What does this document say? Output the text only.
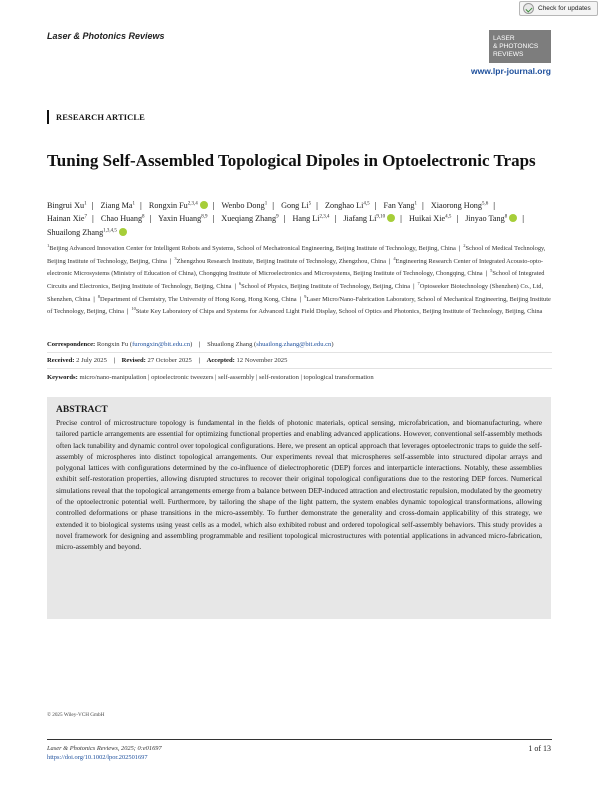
Check for updates
Laser & Photonics Reviews	LASER
& PHOTONICS
REVIEWS
www.lpr-journal.org
RESEARCH ARTICLE
Tuning Self-Assembled Topological Dipoles in Optoelectronic Traps
Bingrui Xu$^1$ | Ziang Ma$^1$ | Rongxin Fu$^{2,3,4}$ | Wenbo Dong$^1$ | Gong Li$^5$ | Zonghao Li$^{4,5}$ | Fan Yang$^1$ | Xiaorong Hong$^{5,6}$ | Hainan Xie$^7$ | Chao Huang$^8$ | Yaxin Huang$^{8,9}$ | Xueqiang Zhang$^9$ | Hang Li$^{2,3,4}$ | Jiafang Li$^{9,10}$ | Huikai Xie$^{4,5}$ | Jinyao Tang$^8$ | Shuailong Zhang$^{1,3,4,5}$
$^1$Beijing Advanced Innovation Center for Intelligent Robots and Systems, School of Mechatronical Engineering, Beijing Institute of Technology, Beijing, China | $^2$School of Medical Technology, Beijing Institute of Technology, Beijing, China | $^3$Zhengzhou Research Institute, Beijing Institute of Technology, Zhengzhou, China | $^4$Engineering Research Center of Integrated Acousto-opto-electronic Microsystems (Ministry of Education of China), Chongqing Institute of Microelectronics and Microsystems, Beijing Institute of Technology, Chongqing, China | $^5$School of Integrated Circuits and Electronics, Beijing Institute of Technology, Beijing, China | $^6$School of Physics, Beijing Institute of Technology, Beijing, China | $^7$Optoseeker Biotechnology (Shenzhen) Co., Ltd, Shenzhen, China | $^8$Department of Chemistry, The University of Hong Kong, Hong Kong, China | $^9$Laser Micro/Nano-Fabrication Laboratory, School of Mechanical Engineering, Beijing Institute of Technology, Beijing, China | $^{10}$State Key Laboratory of Chips and Systems for Advanced Light Field Display, School of Optics and Photonics, Beijing Institute of Technology, Beijing, China
Correspondence: Rongxin Fu (furongxin@bit.edu.cn) | Shuailong Zhang (shuailong.zhang@bit.edu.cn)
Received: 2 July 2025 | Revised: 27 October 2025 | Accepted: 12 November 2025
Keywords: micro/nano-manipulation | optoelectronic tweezers | self-assembly | self-restoration | topological transformation
ABSTRACT
Precise control of microstructure topology is fundamental in the fields of photonic materials, optical sensing, microfabrication, and biomanufacturing, where tailored particle arrangements are essential for optimizing functional properties and enabling advanced applications. However, conventional self-assembly methods often lack tunability and dynamic control over topological configurations. Here, we present an optical approach that leverages optoelectronic traps to guide the self-assembly of microspheres into distinct topological arrangements. Our experiments reveal that microspheres self-assemble into structured dipolar arrays and polygonal lattices with configurations determined by the co-influence of dielectrophoretic (DEP) forces and interparticle interactions. Notably, these assemblies exhibit self-restoration properties, allowing disrupted structures to recover their original topological configurations due to the restoring DEP forces. Numerical simulations reveal that the topological arrangements emerge from a balance between DEP-induced attraction and electrostatic repulsion, modulated by the geometry of the optoelectronic potential well. Furthermore, by tailoring the shape of the light pattern, the system enables dynamic topological transformations, allowing controlled deformations or phase transitions in the micro-assembly. To further demonstrate the generality and cross-domain applicability of this strategy, we extended it to biological systems using yeast cells as a model, which also exhibited robust and ordered topological self-assembly behaviors. This study provides a novel framework for designing and assembling programmable and resilient topological microstructures with potential applications in advanced micro-fabrication, micro-assembly and beyond.
© 2025 Wiley-VCH GmbH
Laser & Photonics Reviews, 2025; 0:e01697
https://doi.org/10.1002/lpor.202501697
1 of 13
